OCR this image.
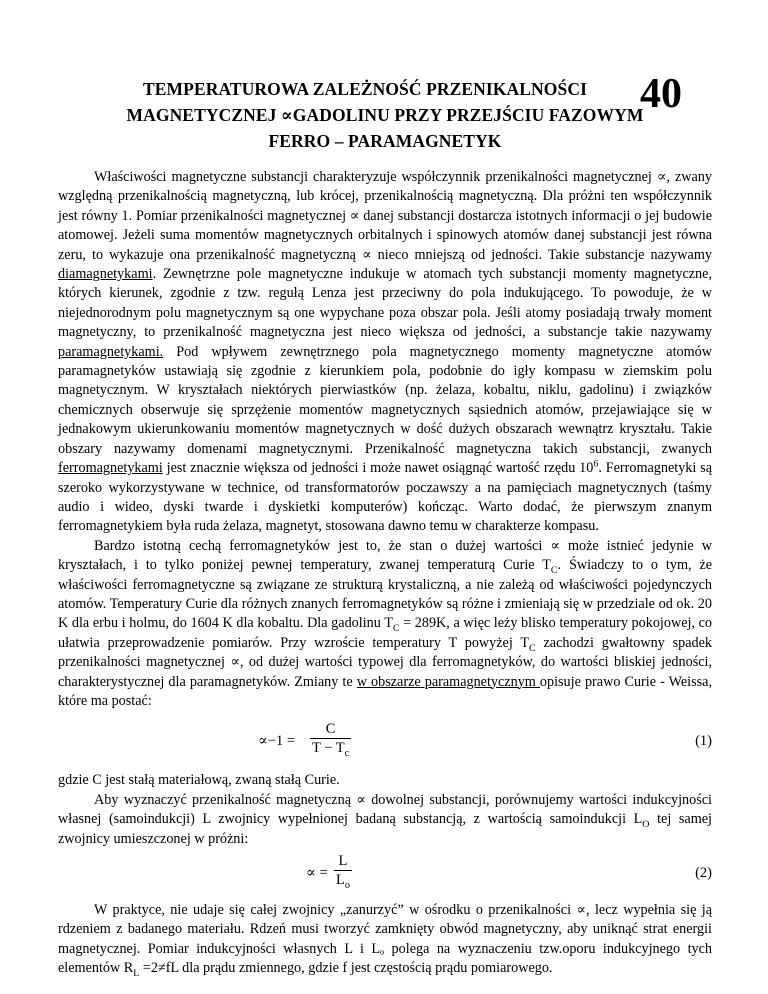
TEMPERATUROWA ZALEŻNOŚĆ PRZENIKALNOŚCI	40
MAGNETYCZNEJ ∝GADOLINU PRZY PRZEJŚCIU FAZOWYM
FERRO – PARAMAGNETYK

Właściwości magnetyczne substancji charakteryzuje współczynnik przenikalności magnetycznej ∝, zwany względną przenikalnością magnetyczną, lub krócej, przenikalnością magnetyczną. Dla próżni ten współczynnik jest równy 1. Pomiar przenikalności magnetycznej ∝ danej substancji dostarcza istotnych informacji o jej budowie atomowej. Jeżeli suma momentów magnetycznych orbitalnych i spinowych atomów danej substancji jest równa zeru, to wykazuje ona przenikalność magnetyczną ∝ nieco mniejszą od jedności. Takie substancje nazywamy diamagnetykami. Zewnętrzne pole magnetyczne indukuje w atomach tych substancji momenty magnetyczne, których kierunek, zgodnie z tzw. regułą Lenza jest przeciwny do pola indukującego. To powoduje, że w niejednorodnym polu magnetycznym są one wypychane poza obszar pola. Jeśli atomy posiadają trwały moment magnetyczny, to przenikalność magnetyczna jest nieco większa od jedności, a substancje takie nazywamy paramagnetykami. Pod wpływem zewnętrznego pola magnetycznego momenty magnetyczne atomów paramagnetyków ustawiają się zgodnie z kierunkiem pola, podobnie do igły kompasu w ziemskim polu magnetycznym. W kryształach niektórych pierwiastków (np. żelaza, kobaltu, niklu, gadolinu) i związków chemicznych obserwuje się sprzężenie momentów magnetycznych sąsiednich atomów, przejawiające się w jednakowym ukierunkowaniu momentów magnetycznych w dość dużych obszarach wewnątrz kryształu. Takie obszary nazywamy domenami magnetycznymi. Przenikalność magnetyczna takich substancji, zwanych ferromagnetykami jest znacznie większa od jedności i może nawet osiągnąć wartość rzędu $10^6$. Ferromagnetyki są szeroko wykorzystywane w technice, od transformatorów poczawszy a na pamięciach magnetycznych (taśmy audio i wideo, dyski twarde i dyskietki komputerów) kończąc. Warto dodać, że pierwszym znanym ferromagnetykiem była ruda żelaza, magnetyt, stosowana dawno temu w charakterze kompasu.

Bardzo istotną cechą ferromagnetyków jest to, że stan o dużej wartości ∝ może istnieć jedynie w kryształach, i to tylko poniżej pewnej temperatury, zwanej temperaturą Curie $T_C$. Świadczy to o tym, że właściwości ferromagnetyczne są związane ze strukturą krystaliczną, a nie zależą od właściwości pojedynczych atomów. Temperatury Curie dla różnych znanych ferromagnetyków są różne i zmieniają się w przedziale od ok. 20 K dla erbu i holmu, do 1604 K dla kobaltu. Dla gadolinu $T_C = 289K$, a więc leży blisko temperatury pokojowej, co ułatwia przeprowadzenie pomiarów. Przy wzroście temperatury T powyżej $T_C$ zachodzi gwałtowny spadek przenikalności magnetycznej ∝, od dużej wartości typowej dla ferromagnetyków, do wartości bliskiej jedności, charakterystycznej dla paramagnetyków. Zmiany te w obszarze paramagnetycznym opisuje prawo Curie - Weissa, które ma postać:

$\propto-1 = \frac{C}{T - T_c}$	(1)

gdzie C jest stałą materiałową, zwaną stałą Curie.

Aby wyznaczyć przenikalność magnetyczną ∝ dowolnej substancji, porównujemy wartości indukcyjności własnej (samoindukcji) L zwojnicy wypełnionej badaną substancją, z wartością samoindukcji $L_O$ tej samej zwojnicy umieszczonej w próżni:

∝ = $\frac{L}{L_o}$	(2)

W praktyce, nie udaje się całej zwojnicy „zanurzyć” w ośrodku o przenikalności ∝, lecz wypełnia się ją rdzeniem z badanego materiału. Rdzeń musi tworzyć zamknięty obwód magnetyczny, aby uniknąć strat energii magnetycznej. Pomiar indukcyjności własnych L i Lₒ polega na wyznaczeniu tzw.oporu indukcyjnego tych elementów $R_L =2\ne fL$ dla prądu zmiennego, gdzie f jest częstością prądu pomiarowego.
